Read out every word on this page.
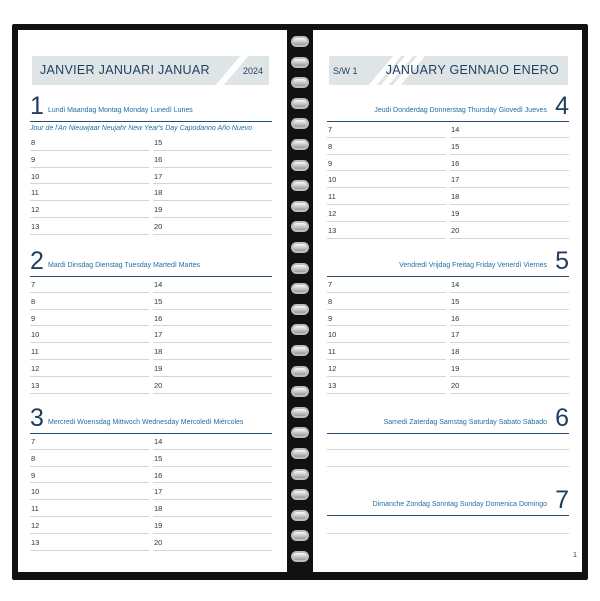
JANVIER JANUARI JANUAR	2024
1 Lundi Maandag Montag Monday Lunedì Lunes
Jour de l'An Nieuwjaar Neujahr New Year's Day Capodanno Año Nuevo
8
9
10
11
12
13
15
16
17
18
19
20
2 Mardi Dinsdag Dienstag Tuesday Martedì Martes
7
8
9
10
11
12
13
14
15
16
17
18
19
20
3 Mercredi Woensdag Mittwoch Wednesday Mercoledì Miércoles
7
8
9
10
11
12
13
14
15
16
17
18
19
20
S/W 1 JANUARY GENNAIO ENERO
4
Jeudi Donderdag Donnerstag Thursday Giovedì Jueves
7
8
9
10
11
12
13
14
15
16
17
18
19
20
5
Vendredi Vrijdag Freitag Friday Venerdì Viernes
7
8
9
10
11
12
13
14
15
16
17
18
19
20
6
Samedi Zaterdag Samstag Saturday Sabato Sábado
7
Dimanche Zondag Sonntag Sunday Domenica Domingo
1
